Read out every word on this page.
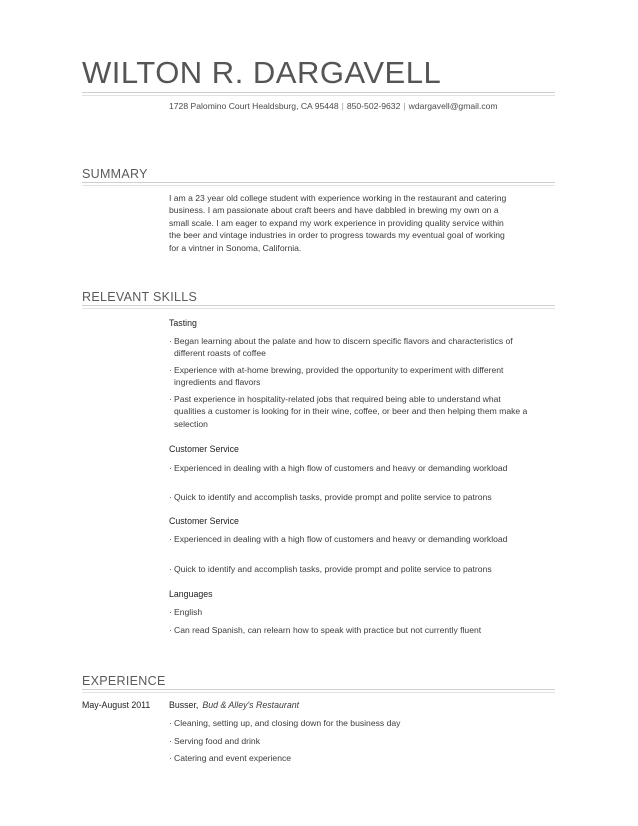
WILTON R. DARGAVELL
1728 Palomino Court Healdsburg, CA 95448 | 850-502-9632 | wdargavell@gmail.com
SUMMARY

I am a 23 year old college student with experience working in the restaurant and catering business. I am passionate about craft beers and have dabbled in brewing my own on a small scale. I am eager to expand my work experience in providing quality service within the beer and vintage industries in order to progress towards my eventual goal of working for a vintner in Sonoma, California.

RELEVANT SKILLS
Tasting

· Began learning about the palate and how to discern specific flavors and characteristics of different roasts of coffee

· Experience with at-home brewing, provided the opportunity to experiment with different ingredients and flavors

· Past experience in hospitality-related jobs that required being able to understand what qualities a customer is looking for in their wine, coffee, or beer and then helping them make a selection

Customer Service

· Experienced in dealing with a high flow of customers and heavy or demanding workload

· Quick to identify and accomplish tasks, provide prompt and polite service to patrons

Customer Service

· Experienced in dealing with a high flow of customers and heavy or demanding workload

· Quick to identify and accomplish tasks, provide prompt and polite service to patrons

Languages

· English

· Can read Spanish, can relearn how to speak with practice but not currently fluent

EXPERIENCE
May-August 2011 Busser, Bud & Alley's Restaurant

· Cleaning, setting up, and closing down for the business day

· Serving food and drink

· Catering and event experience
